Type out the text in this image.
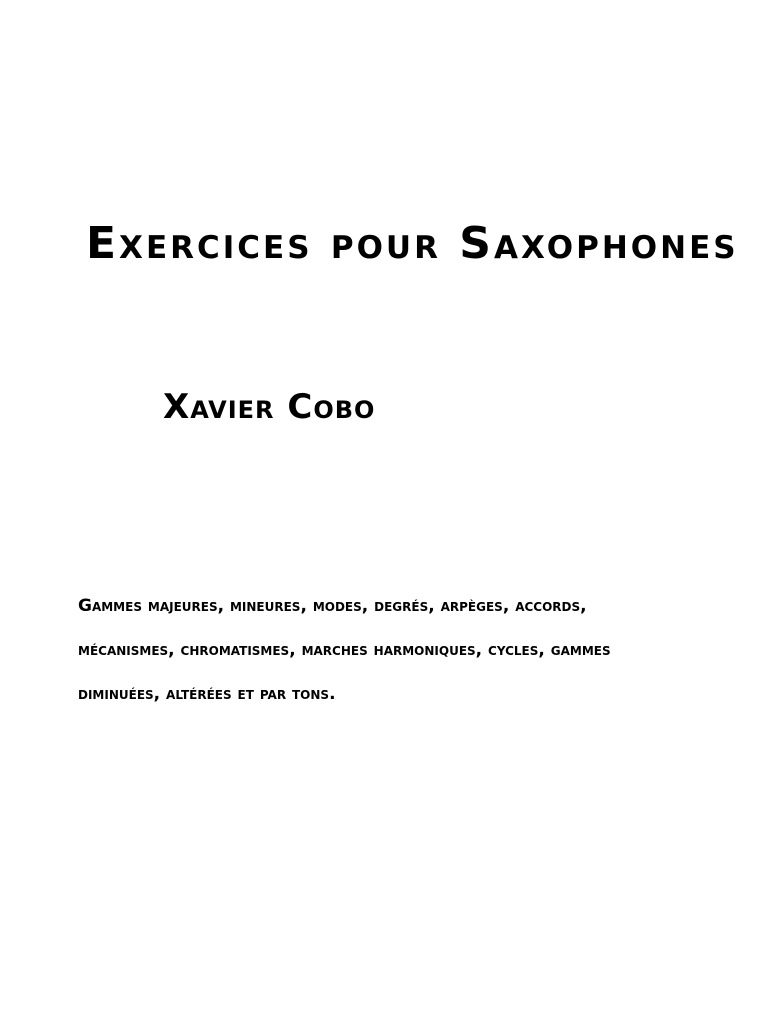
Exercices pour Saxophones
Xavier Cobo
Gammes majeures, mineures, modes, degrés, arpèges, accords,
mécanismes, chromatismes, marches harmoniques, cycles, gammes
diminuées, altérées et par tons.
